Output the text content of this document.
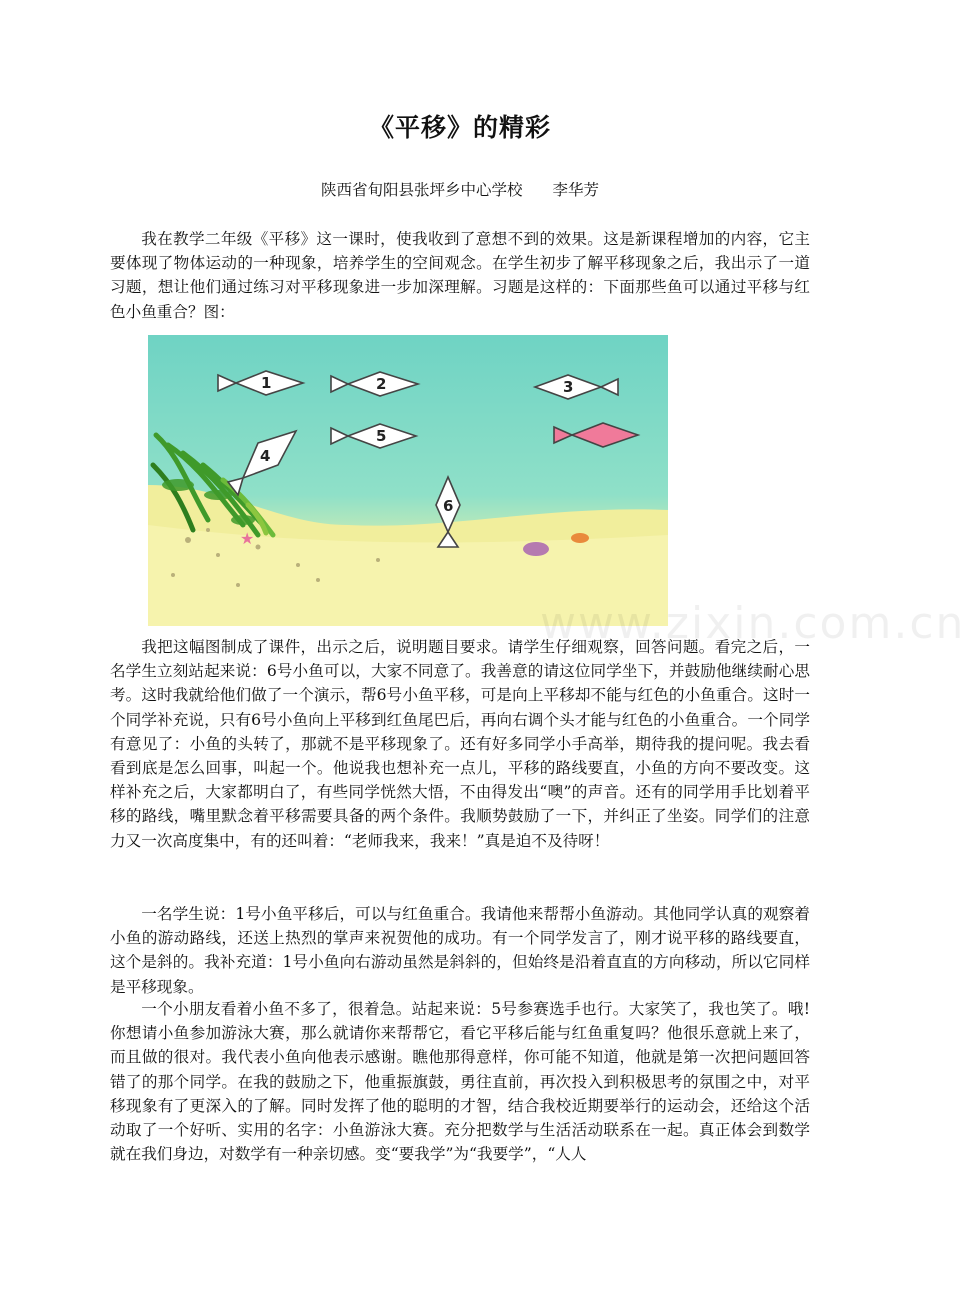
《平移》的精彩
陕西省旬阳县张坪乡中心学校 李华芳

我在教学二年级《平移》这一课时，使我收到了意想不到的效果。这是新课程增加的内容，它主要体现了物体运动的一种现象，培养学生的空间观念。在学生初步了解平移现象之后，我出示了一道习题，想让他们通过练习对平移现象进一步加深理解。习题是这样的：下面那些鱼可以通过平移与红色小鱼重合？图：

★
1	2	3
5
4
6
www.zixin.com.cn

我把这幅图制成了课件，出示之后，说明题目要求。请学生仔细观察，回答问题。看完之后，一名学生立刻站起来说：6号小鱼可以，大家不同意了。我善意的请这位同学坐下，并鼓励他继续耐心思考。这时我就给他们做了一个演示，帮6号小鱼平移，可是向上平移却不能与红色的小鱼重合。这时一个同学补充说，只有6号小鱼向上平移到红鱼尾巴后，再向右调个头才能与红色的小鱼重合。一个同学有意见了：小鱼的头转了，那就不是平移现象了。还有好多同学小手高举，期待我的提问呢。我去看看到底是怎么回事，叫起一个。他说我也想补充一点儿，平移的路线要直，小鱼的方向不要改变。这样补充之后，大家都明白了，有些同学恍然大悟，不由得发出“噢”的声音。还有的同学用手比划着平移的路线，嘴里默念着平移需要具备的两个条件。我顺势鼓励了一下，并纠正了坐姿。同学们的注意力又一次高度集中，有的还叫着：“老师我来，我来！”真是迫不及待呀！

一名学生说：1号小鱼平移后，可以与红鱼重合。我请他来帮帮小鱼游动。其他同学认真的观察着小鱼的游动路线，还送上热烈的掌声来祝贺他的成功。有一个同学发言了，刚才说平移的路线要直，这个是斜的。我补充道：1号小鱼向右游动虽然是斜斜的，但始终是沿着直直的方向移动，所以它同样是平移现象。

一个小朋友看着小鱼不多了，很着急。站起来说：5号参赛选手也行。大家笑了，我也笑了。哦!你想请小鱼参加游泳大赛，那么就请你来帮帮它，看它平移后能与红鱼重复吗？他很乐意就上来了，而且做的很对。我代表小鱼向他表示感谢。瞧他那得意样，你可能不知道，他就是第一次把问题回答错了的那个同学。在我的鼓励之下，他重振旗鼓，勇往直前，再次投入到积极思考的氛围之中，对平移现象有了更深入的了解。同时发挥了他的聪明的才智，结合我校近期要举行的运动会，还给这个活动取了一个好听、实用的名字：小鱼游泳大赛。充分把数学与生活活动联系在一起。真正体会到数学就在我们身边，对数学有一种亲切感。变“要我学”为“我要学”，“人人
